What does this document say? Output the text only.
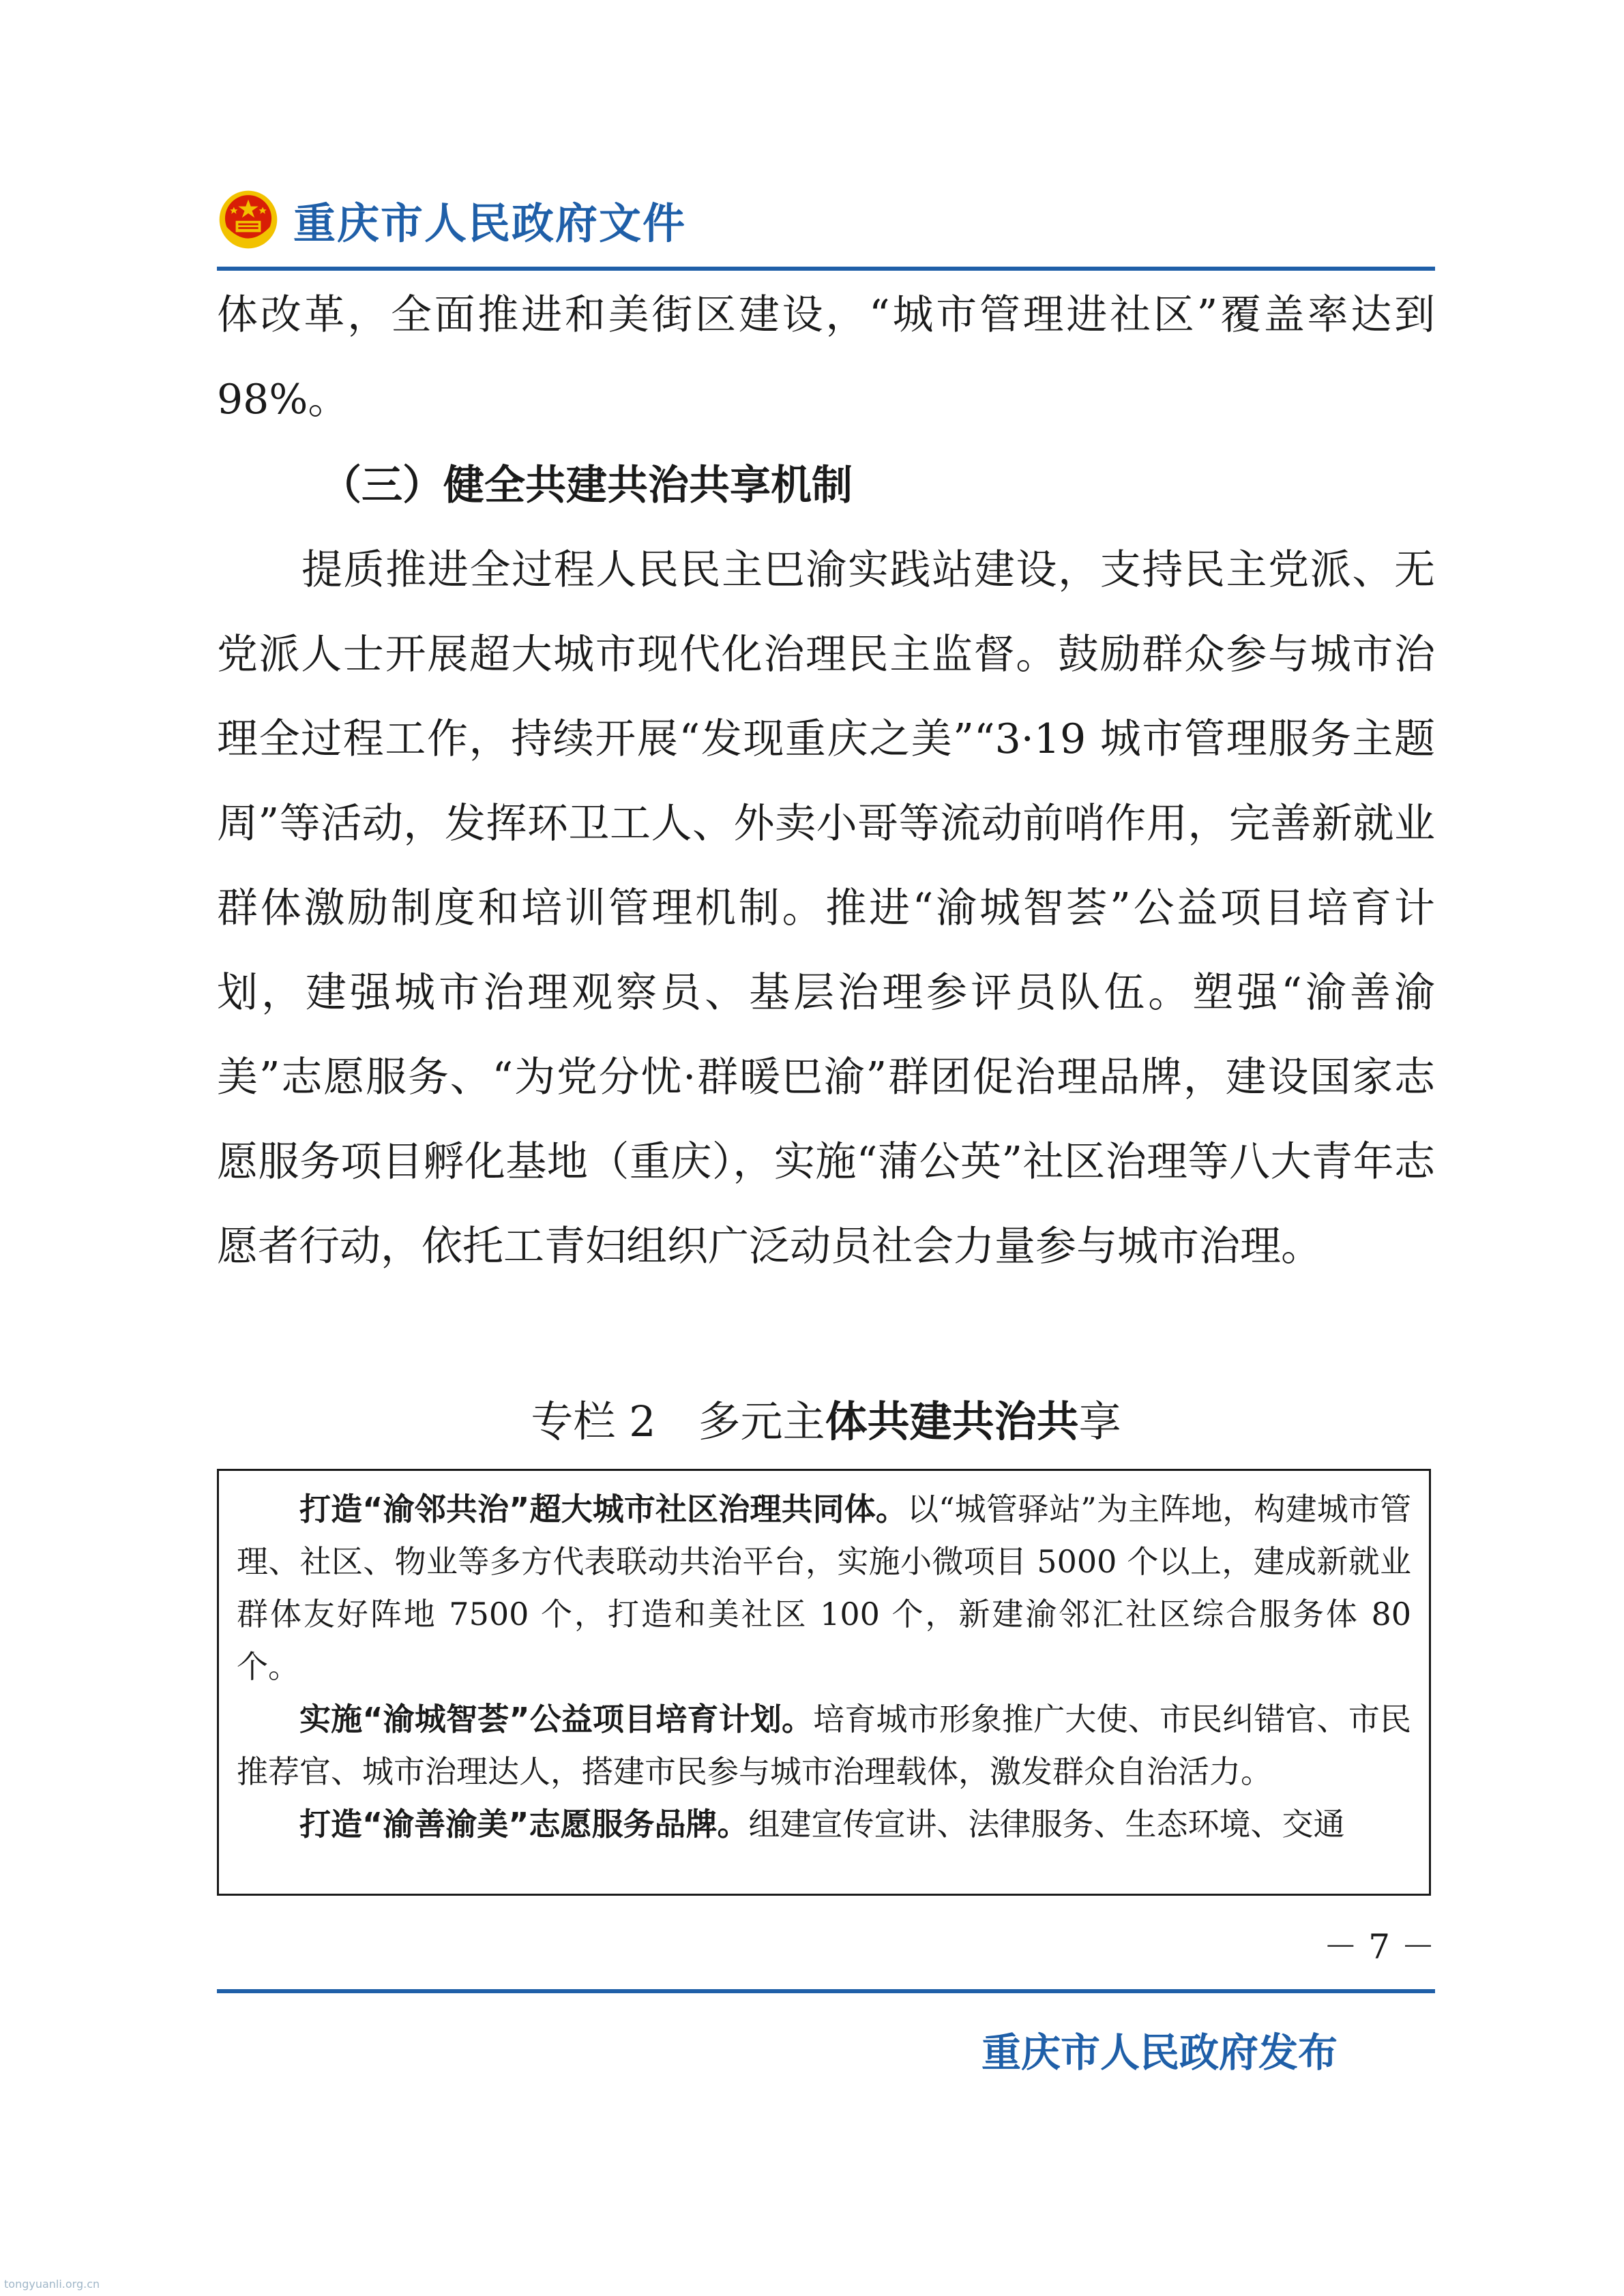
重庆市人民政府文件
体改革，全面推进和美街区建设，“城市管理进社区”覆盖率达到 98%。
（三）健全共建共治共享机制
提质推进全过程人民民主巴渝实践站建设，支持民主党派、无党派人士开展超大城市现代化治理民主监督。鼓励群众参与城市治理全过程工作，持续开展“发现重庆之美”“3·19 城市管理服务主题周”等活动，发挥环卫工人、外卖小哥等流动前哨作用，完善新就业群体激励制度和培训管理机制。推进“渝城智荟”公益项目培育计划，建强城市治理观察员、基层治理参评员队伍。塑强“渝善渝美”志愿服务、“为党分忧·群暖巴渝”群团促治理品牌，建设国家志愿服务项目孵化基地（重庆），实施“蒲公英”社区治理等八大青年志愿者行动，依托工青妇组织广泛动员社会力量参与城市治理。
专栏 2　多元主体共建共治共享

打造“渝邻共治”超大城市社区治理共同体。以“城管驿站”为主阵地，构建城市管理、社区、物业等多方代表联动共治平台，实施小微项目 5000 个以上，建成新就业群体友好阵地 7500 个，打造和美社区 100 个，新建渝邻汇社区综合服务体 80 个。

实施“渝城智荟”公益项目培育计划。培育城市形象推广大使、市民纠错官、市民推荐官、城市治理达人，搭建市民参与城市治理载体，激发群众自治活力。

打造“渝善渝美”志愿服务品牌。组建宣传宣讲、法律服务、生态环境、交通

－ 7 －
重庆市人民政府发布
tongyuanli.org.cn
